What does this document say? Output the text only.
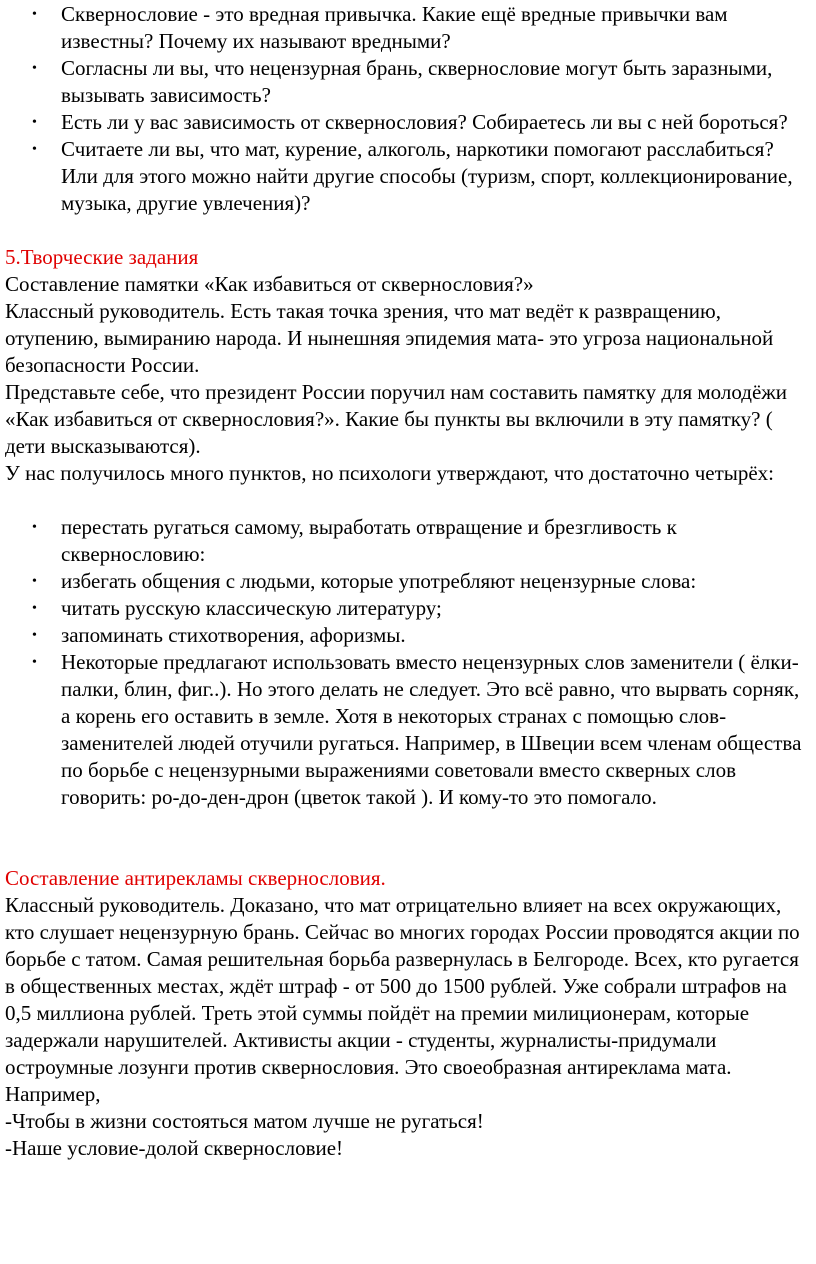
• Сквернословие - это вредная привычка. Какие ещё вредные привычки вам известны? Почему их называют вредными?
• Согласны ли вы, что нецензурная брань, сквернословие могут быть заразными, вызывать зависимость?
• Есть ли у вас зависимость от сквернословия? Собираетесь ли вы с ней бороться?
• Считаете ли вы, что мат, курение, алкоголь, наркотики помогают расслабиться? Или для этого можно найти другие способы (туризм, спорт, коллекционирование, музыка, другие увлечения)?

5.Творческие задания

Составление памятки «Как избавиться от сквернословия?»

Классный руководитель. Есть такая точка зрения, что мат ведёт к развращению, отупению, вымиранию народа. И нынешняя эпидемия мата- это угроза национальной безопасности России.

Представьте себе, что президент России поручил нам составить памятку для молодёжи «Как избавиться от сквернословия?». Какие бы пункты вы включили в эту памятку? ( дети высказываются).

У нас получилось много пунктов, но психологи утверждают, что достаточно четырёх:

• перестать ругаться самому, выработать отвращение и брезгливость к сквернословию:
• избегать общения с людьми, которые употребляют нецензурные слова:
• читать русскую классическую литературу;
• запоминать стихотворения, афоризмы.
• Некоторые предлагают использовать вместо нецензурных слов заменители ( ёлки-палки, блин, фиг..). Но этого делать не следует. Это всё равно, что вырвать сорняк, а корень его оставить в земле. Хотя в некоторых странах с помощью слов-заменителей людей отучили ругаться. Например, в Швеции всем членам общества по борьбе с нецензурными выражениями советовали вместо скверных слов говорить: ро-до-ден-дрон (цветок такой ). И кому-то это помогало.

Составление антирекламы сквернословия.

Классный руководитель. Доказано, что мат отрицательно влияет на всех окружающих, кто слушает нецензурную брань. Сейчас во многих городах России проводятся акции по борьбе с татом. Самая решительная борьба развернулась в Белгороде. Всех, кто ругается в общественных местах, ждёт штраф - от 500 до 1500 рублей. Уже собрали штрафов на 0,5 миллиона рублей. Треть этой суммы пойдёт на премии милиционерам, которые задержали нарушителей. Активисты акции - студенты, журналисты-придумали остроумные лозунги против сквернословия. Это своеобразная антиреклама мата. Например,

-Чтобы в жизни состояться матом лучше не ругаться!

-Наше условие-долой сквернословие!
